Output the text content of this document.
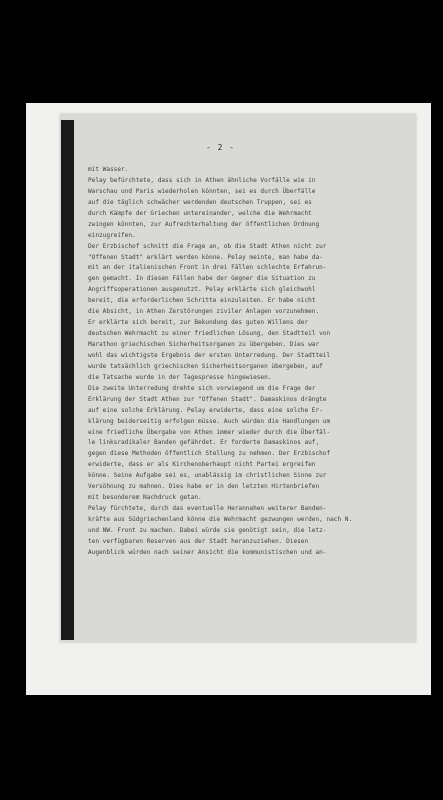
- 2 -
mit Wasser.
Pelay befürchtete, dass sich in Athen ähnliche Vorfälle wie in
Warschau und Paris wiederholen könnten, sei es durch Überfälle
auf die täglich schwächer werdenden deutschen Truppen, sei es
durch Kämpfe der Griechen untereinander, welche die Wehrmacht
zwingen könnten, zur Aufrechterhaltung der öffentlichen Ordnung
einzugreifen.
Der Erzbischof schnitt die Frage an, ob die Stadt Athen nicht zur
"Offenen Stadt" erklärt werden könne. Pelay meinte, man habe da-
mit an der italienischen Front in drei Fällen schlechte Erfahrun-
gen gemacht. In diesen Fällen habe der Gegner die Situation zu
Angriffsoperationen ausgenutzt. Pelay erklärte sich gleichwohl
bereit, die erforderlichen Schritte einzuleiten. Er habe nicht
die Absicht, in Athen Zerstörungen ziviler Anlagen vorzunehmen.
Er erklärte sich bereit, zur Bekundung des guten Willens der
deutschen Wehrmacht zu einer friedlichen Lösung, den Stadtteil von
Marathon griechischen Sicherheitsorganen zu übergeben. Dies war
wohl das wichtigste Ergebnis der ersten Unterredung. Der Stadtteil
wurde tatsächlich griechischen Sicherheitsorganen übergeben, auf
die Tatsache wurde in der Tagespresse hingewiesen.
Die zweite Unterredung drehte sich vorwiegend um die Frage der
Erklärung der Stadt Athen zur "Offenen Stadt". Damaskinos drängte
auf eine solche Erklärung. Pelay erwiderte, dass eine solche Er-
klärung beiderseitig erfolgen müsse. Auch würden die Handlungen um
eine friedliche Übergabe von Athen immer wieder durch die Überfäl-
le linksradikaler Banden gefährdet. Er forderte Damaskinos auf,
gegen diese Methoden öffentlich Stellung zu nehmen. Der Erzbischof
erwiderte, dass er als Kirchenoberhaupt nicht Partei ergreifen
könne. Seine Aufgabe sei es, unablässig im christlichen Sinne zur
Versöhnung zu mahnen. Dies habe er in den letzten Hirtenbriefen
mit besonderem Nachdruck getan.
Pelay fürchtete, durch das eventuelle Herannahen weiterer Banden-
kräfte aus Südgriechenland könne die Wehrmacht gezwungen werden, nach N.
und NW. Front zu machen. Dabei würde sie genötigt sein, die letz-
ten verfügbaren Reserven aus der Stadt heranzuziehen. Diesen
Augenblick würden nach seiner Ansicht die kommunistischen und an-
